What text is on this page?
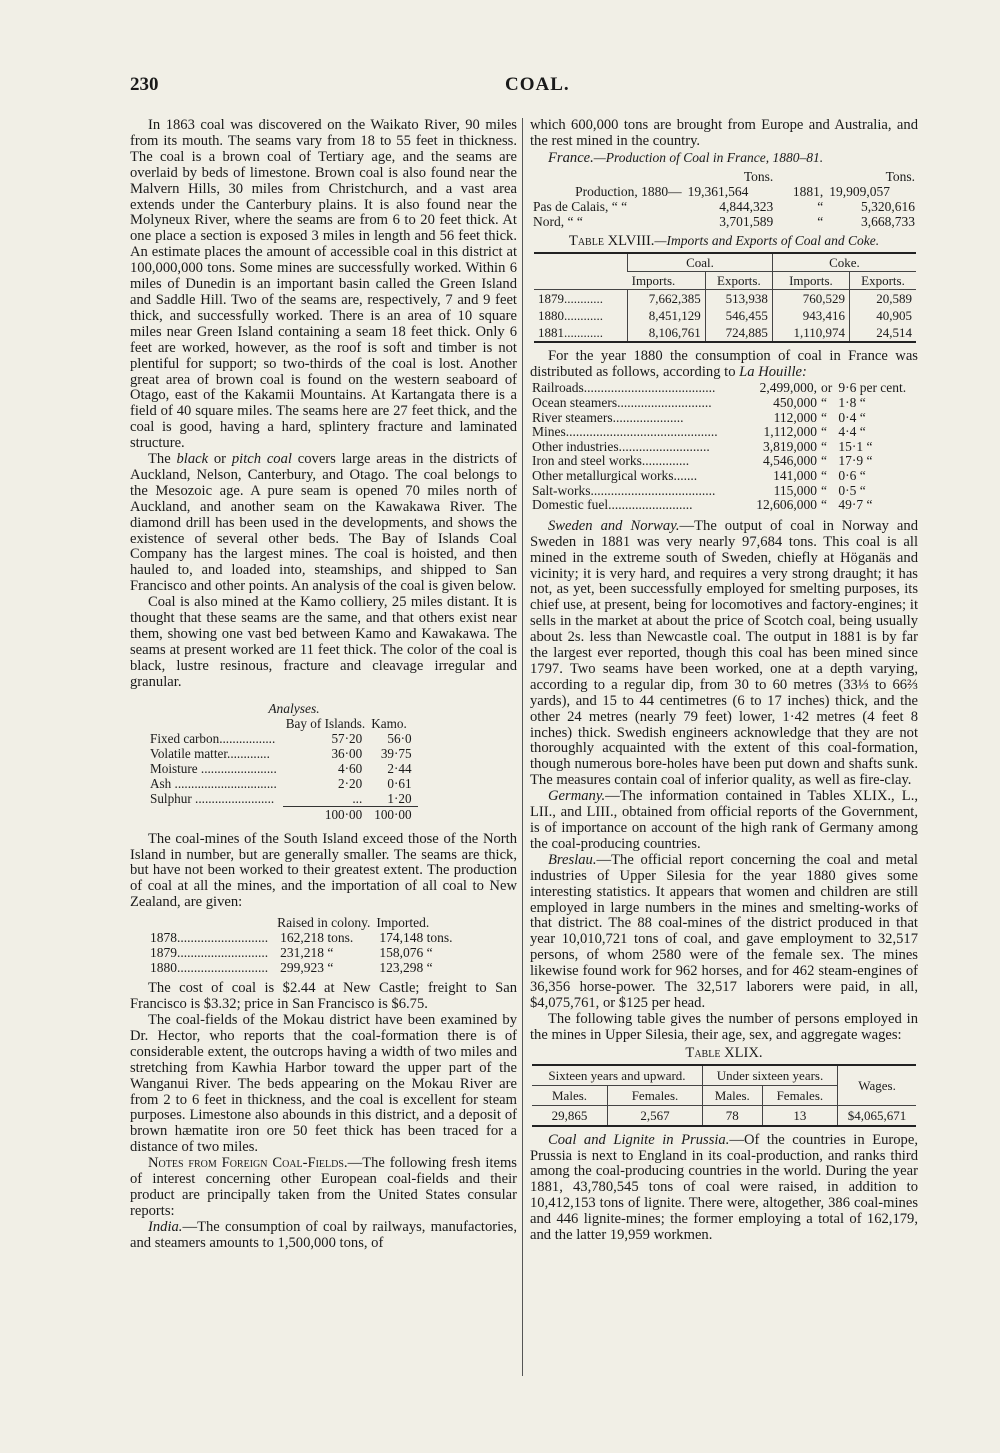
230	COAL.

In 1863 coal was discovered on the Waikato River, 90 miles from its mouth. The seams vary from 18 to 55 feet in thickness. The coal is a brown coal of Tertiary age, and the seams are overlaid by beds of limestone. Brown coal is also found near the Malvern Hills, 30 miles from Christchurch, and a vast area extends under the Canterbury plains. It is also found near the Molyneux River, where the seams are from 6 to 20 feet thick. At one place a section is exposed 3 miles in length and 56 feet thick. An estimate places the amount of accessible coal in this district at 100,000,000 tons. Some mines are successfully worked. Within 6 miles of Dunedin is an important basin called the Green Island and Saddle Hill. Two of the seams are, respectively, 7 and 9 feet thick, and successfully worked. There is an area of 10 square miles near Green Island containing a seam 18 feet thick. Only 6 feet are worked, however, as the roof is soft and timber is not plentiful for support; so two-thirds of the coal is lost. Another great area of brown coal is found on the western seaboard of Otago, east of the Kakamii Mountains. At Kartangata there is a field of 40 square miles. The seams here are 27 feet thick, and the coal is good, having a hard, splintery fracture and laminated structure.

The black or pitch coal covers large areas in the districts of Auckland, Nelson, Canterbury, and Otago. The coal belongs to the Mesozoic age. A pure seam is opened 70 miles north of Auckland, and another seam on the Kawakawa River. The diamond drill has been used in the developments, and shows the existence of several other beds. The Bay of Islands Coal Company has the largest mines. The coal is hoisted, and then hauled to, and loaded into, steamships, and shipped to San Francisco and other points. An analysis of the coal is given below.

Coal is also mined at the Kamo colliery, 25 miles distant. It is thought that these seams are the same, and that others exist near them, showing one vast bed between Kamo and Kawakawa. The seams at present worked are 11 feet thick. The color of the coal is black, lustre resinous, fracture and cleavage irregular and granular.

Analyses.
	Bay of Islands.	Kamo.
Fixed carbon.................	57·20	56·0
Volatile matter.............	36·00	39·75
Moisture .......................	4·60	2·44
Ash ...............................	2·20	0·61
Sulphur ........................	...	1·20
	100·00	100·00

The coal-mines of the South Island exceed those of the North Island in number, but are generally smaller. The seams are thick, but have not been worked to their greatest extent. The production of coal at all the mines, and the importation of all coal to New Zealand, are given:

	Raised in colony.	Imported.
1878...........................	162,218 tons.	174,148 tons.
1879...........................	231,218 “	158,076 “
1880...........................	299,923 “	123,298 “

The cost of coal is $2.44 at New Castle; freight to San Francisco is $3.32; price in San Francisco is $6.75.

The coal-fields of the Mokau district have been examined by Dr. Hector, who reports that the coal-formation there is of considerable extent, the outcrops having a width of two miles and stretching from Kawhia Harbor toward the upper part of the Wanganui River. The beds appearing on the Mokau River are from 2 to 6 feet in thickness, and the coal is excellent for steam purposes. Limestone also abounds in this district, and a deposit of brown hæmatite iron ore 50 feet thick has been traced for a distance of two miles.

Notes from Foreign Coal-Fields.—The following fresh items of interest concerning other European coal-fields and their product are principally taken from the United States consular reports:

India.—The consumption of coal by railways, manufactories, and steamers amounts to 1,500,000 tons, of

which 600,000 tons are brought from Europe and Australia, and the rest mined in the country.

France.—Production of Coal in France, 1880–81.

	Tons.		Tons.
Production, 1880—	19,361,564	1881,	19,909,057
Pas de Calais, “ “	4,844,323	“	5,320,616
Nord, “ “	3,701,589	“	3,668,733

Table XLVIII.—Imports and Exports of Coal and Coke.

	Coal.		Coke.	
	Imports.	Exports.	Imports.	Exports.
1879............	7,662,385	513,938	760,529	20,589
1880............	8,451,129	546,455	943,416	40,905
1881............	8,106,761	724,885	1,110,974	24,514

For the year 1880 the consumption of coal in France was distributed as follows, according to La Houille:

Railroads.......................................	2,499,000,	or	9·6 per cent.
Ocean steamers............................	450,000	“	1·8 “
River steamers.....................	112,000	“	0·4 “
Mines.............................................	1,112,000	“	4·4 “
Other industries...........................	3,819,000	“	15·1 “
Iron and steel works..............	4,546,000	“	17·9 “
Other metallurgical works.......	141,000	“	0·6 “
Salt-works.....................................	115,000	“	0·5 “
Domestic fuel.........................	12,606,000	“	49·7 “

Sweden and Norway.—The output of coal in Norway and Sweden in 1881 was very nearly 97,684 tons. This coal is all mined in the extreme south of Sweden, chiefly at Höganäs and vicinity; it is very hard, and requires a very strong draught; it has not, as yet, been successfully employed for smelting purposes, its chief use, at present, being for locomotives and factory-engines; it sells in the market at about the price of Scotch coal, being usually about 2s. less than Newcastle coal. The output in 1881 is by far the largest ever reported, though this coal has been mined since 1797. Two seams have been worked, one at a depth varying, according to a regular dip, from 30 to 60 metres (33⅓ to 66⅔ yards), and 15 to 44 centimetres (6 to 17 inches) thick, and the other 24 metres (nearly 79 feet) lower, 1·42 metres (4 feet 8 inches) thick. Swedish engineers acknowledge that they are not thoroughly acquainted with the extent of this coal-formation, though numerous bore-holes have been put down and shafts sunk. The measures contain coal of inferior quality, as well as fire-clay.

Germany.—The information contained in Tables XLIX., L., LII., and LIII., obtained from official reports of the Government, is of importance on account of the high rank of Germany among the coal-producing countries.

Breslau.—The official report concerning the coal and metal industries of Upper Silesia for the year 1880 gives some interesting statistics. It appears that women and children are still employed in large numbers in the mines and smelting-works of that district. The 88 coal-mines of the district produced in that year 10,010,721 tons of coal, and gave employment to 32,517 persons, of whom 2580 were of the female sex. The mines likewise found work for 962 horses, and for 462 steam-engines of 36,356 horse-power. The 32,517 laborers were paid, in all, $4,075,761, or $125 per head.

The following table gives the number of persons employed in the mines in Upper Silesia, their age, sex, and aggregate wages:

Table XLIX.

Sixteen years and upward.		Under sixteen years.		Wages.
Males.	Females.	Males.	Females.	
29,865	2,567	78	13	$4,065,671

Coal and Lignite in Prussia.—Of the countries in Europe, Prussia is next to England in its coal-production, and ranks third among the coal-producing countries in the world. During the year 1881, 43,780,545 tons of coal were raised, in addition to 10,412,153 tons of lignite. There were, altogether, 386 coal-mines and 446 lignite-mines; the former employing a total of 162,179, and the latter 19,959 workmen.
